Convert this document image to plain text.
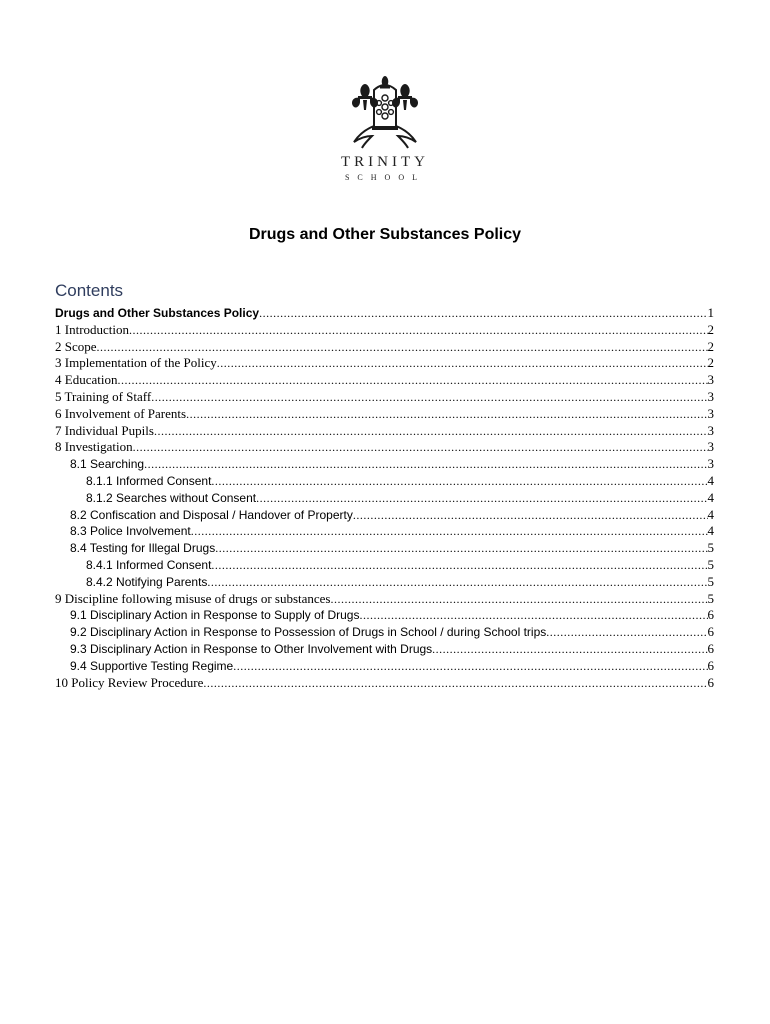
TRINITY
SCHOOL
Drugs and Other Substances Policy
Contents
Drugs and Other Substances Policy .....	1
1 Introduction .....	2
2 Scope .....	2
3 Implementation of the Policy .....	2
4 Education .....	3
5 Training of Staff .....	3
6 Involvement of Parents .....	3
7 Individual Pupils .....	3
8 Investigation .....	3
8.1 Searching .....	3
8.1.1 Informed Consent .....	4
8.1.2 Searches without Consent .....	4
8.2 Confiscation and Disposal / Handover of Property .....	4
8.3 Police Involvement .....	4
8.4 Testing for Illegal Drugs .....	5
8.4.1 Informed Consent .....	5
8.4.2 Notifying Parents .....	5
9 Discipline following misuse of drugs or substances .....	5
9.1 Disciplinary Action in Response to Supply of Drugs .....	6
9.2 Disciplinary Action in Response to Possession of Drugs in School / during School trips .....	6
9.3 Disciplinary Action in Response to Other Involvement with Drugs .....	6
9.4 Supportive Testing Regime .....	6
10 Policy Review Procedure .....	6
